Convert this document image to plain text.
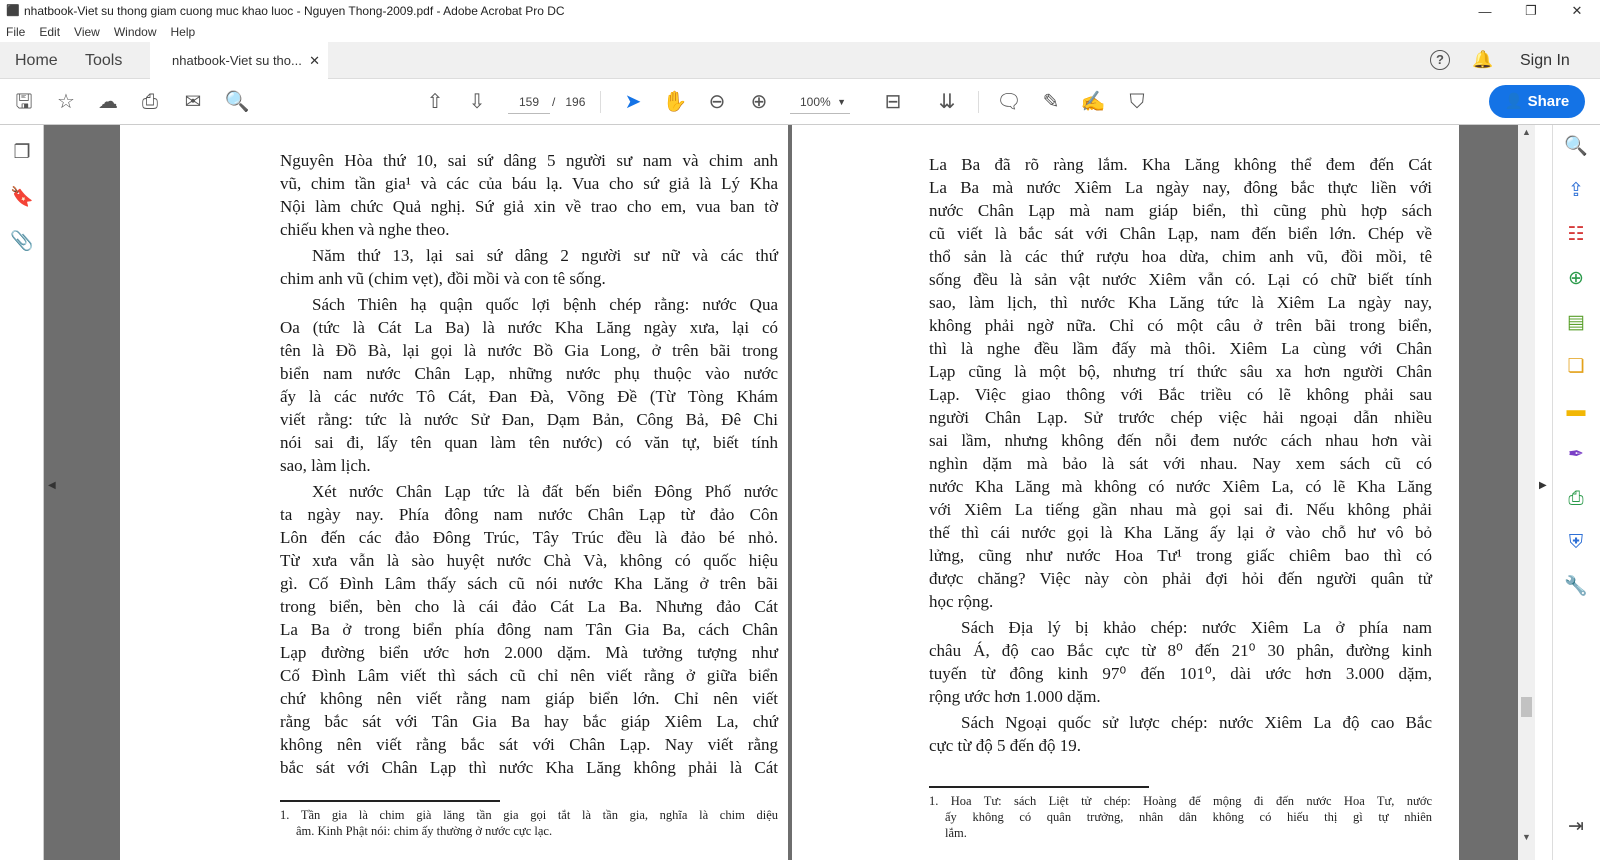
⬛ nhatbook-Viet su thong giam cuong muc khao luoc - Nguyen Thong-2009.pdf - Adobe Acrobat Pro DC	—	❐	✕
File Edit View Window Help
Home Tools	nhatbook-Viet su tho... ✕	?	🔔 Sign In
🖫 ☆ ☁ ⎙ ✉ 🔍	⇧ ⇩	159	/ 196 ➤ ✋ ⊖ ⊕	100% ▼ ⊟ ⇊ 🗨 ✎ ✍ ⛉	👤 Share
❐
🔖
📎
◀
Nguyên Hòa thứ 10, sai sứ dâng 5 người sư nam và chim anh
vũ, chim tần gia¹ và các của báu lạ. Vua cho sứ giả là Lý Kha
Nội làm chức Quả nghị. Sứ giả xin về trao cho em, vua ban tờ
chiếu khen và nghe theo.
Năm thứ 13, lại sai sứ dâng 2 người sư nữ và các thứ
chim anh vũ (chim vẹt), đồi mồi và con tê sống.
Sách Thiên hạ quận quốc lợi bệnh chép rằng: nước Qua
Oa (tức là Cát La Ba) là nước Kha Lăng ngày xưa, lại có
tên là Đồ Bà, lại gọi là nước Bồ Gia Long, ở trên bãi trong
biển nam nước Chân Lạp, những nước phụ thuộc vào nước
ấy là các nước Tô Cát, Đan Đà, Võng Đề (Từ Tòng Khám
viết rằng: tức là nước Sử Đan, Dạm Bản, Công Bả, Đê Chi
nói sai đi, lấy tên quan làm tên nước) có văn tự, biết tính
sao, làm lịch.
Xét nước Chân Lạp tức là đất bến biển Đông Phố nước
ta ngày nay. Phía đông nam nước Chân Lạp từ đảo Côn
Lôn đến các đảo Đông Trúc, Tây Trúc đều là đảo bé nhỏ.
Từ xưa vẫn là sào huyệt nước Chà Và, không có quốc hiệu
gì. Cố Đình Lâm thấy sách cũ nói nước Kha Lăng ở trên bãi
trong biển, bèn cho là cái đảo Cát La Ba. Nhưng đảo Cát
La Ba ở trong biển phía đông nam Tân Gia Ba, cách Chân
Lạp đường biển ước hơn 2.000 dặm. Mà tưởng tượng như
Cố Đình Lâm viết thì sách cũ chỉ nên viết rằng ở giữa biển
chứ không nên viết rằng nam giáp biển lớn. Chỉ nên viết
rằng bắc sát với Tân Gia Ba hay bắc giáp Xiêm La, chứ
không nên viết rằng bắc sát với Chân Lạp. Nay viết rằng
bắc sát với Chân Lạp thì nước Kha Lăng không phải là Cát
1. Tần gia là chim già lăng tần gia gọi tắt là tần gia, nghĩa là chim diệu
âm. Kinh Phật nói: chim ấy thường ở nước cực lạc.
La Ba đã rõ ràng lắm. Kha Lăng không thể đem đến Cát
La Ba mà nước Xiêm La ngày nay, đông bắc thực liền với
nước Chân Lạp mà nam giáp biển, thì cũng phù hợp sách
cũ viết là bắc sát với Chân Lạp, nam đến biển lớn. Chép về
thổ sản là các thứ rượu hoa dừa, chim anh vũ, đồi mồi, tê
sống đều là sản vật nước Xiêm vẫn có. Lại có chữ biết tính
sao, làm lịch, thì nước Kha Lăng tức là Xiêm La ngày nay,
không phải ngờ nữa. Chỉ có một câu ở trên bãi trong biển,
thì là nghe đều lầm đấy mà thôi. Xiêm La cùng với Chân
Lạp cũng là một bộ, nhưng trí thức sâu xa hơn người Chân
Lạp. Việc giao thông với Bắc triều có lẽ không phải sau
người Chân Lạp. Sử trước chép việc hải ngoại dẫn nhiều
sai lầm, nhưng không đến nỗi đem nước cách nhau hơn vài
nghìn dặm mà bảo là sát với nhau. Nay xem sách cũ có
nước Kha Lăng mà không có nước Xiêm La, có lẽ Kha Lăng
với Xiêm La tiếng gần nhau mà gọi sai đi. Nếu không phải
thế thì cái nước gọi là Kha Lăng ấy lại ở vào chỗ hư vô bỏ
lửng, cũng như nước Hoa Tư¹ trong giấc chiêm bao thì có
được chăng? Việc này còn phải đợi hỏi đến người quân tử
học rộng.
Sách Địa lý bị khảo chép: nước Xiêm La ở phía nam
châu Á, độ cao Bắc cực từ 8⁰ đến 21⁰ 30 phân, đường kinh
tuyến từ đông kinh 97⁰ đến 101⁰, dài ước hơn 3.000 dặm,
rộng ước hơn 1.000 dặm.
Sách Ngoại quốc sử lược chép: nước Xiêm La độ cao Bắc
cực từ độ 5 đến độ 19.
1. Hoa Tư: sách Liệt tử chép: Hoàng đế mộng đi đến nước Hoa Tư, nước
ấy không có quân trưởng, nhân dân không có hiếu thị gì tự nhiên
lắm.
▲
▼
▶
🔍
⇪
☷
⊕
▤
❏
▬
✒
⎙
⛨
🔧
⇥
